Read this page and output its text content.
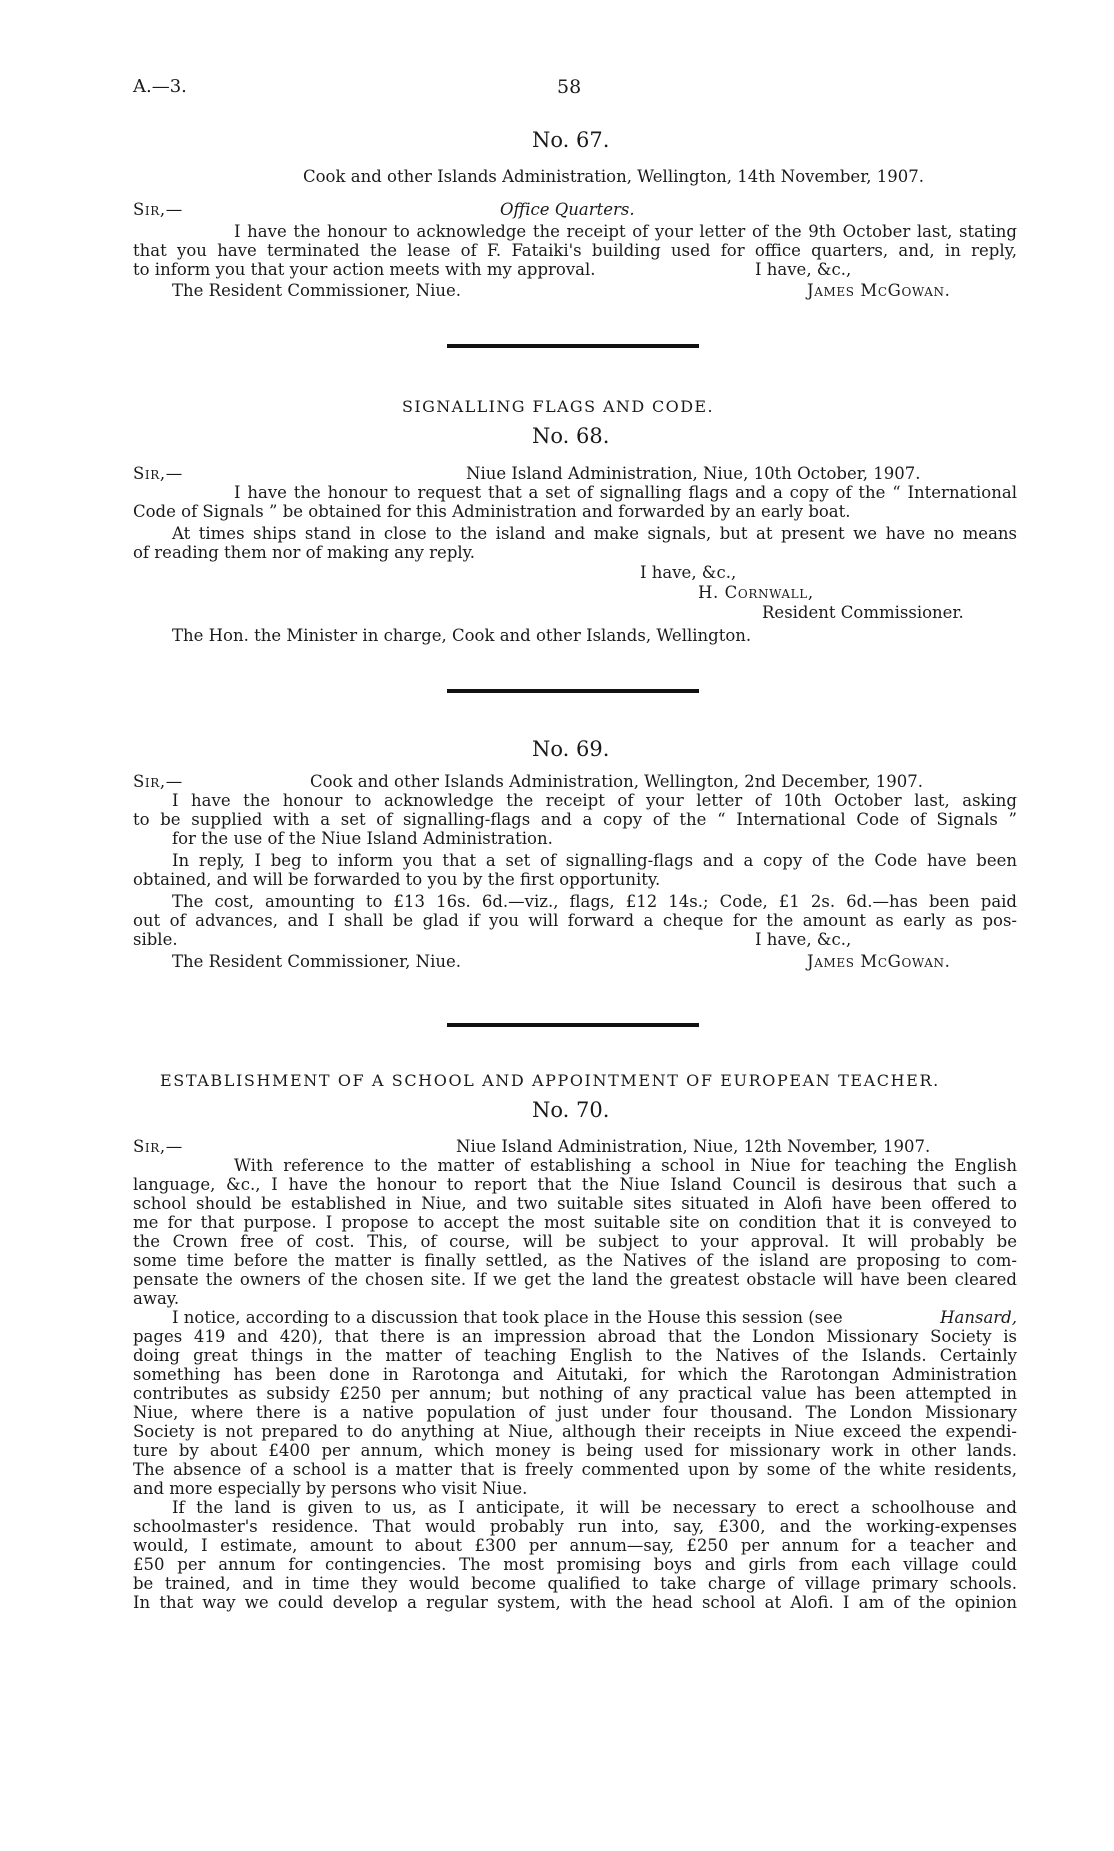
A.—3.	58
No. 67.
Cook and other Islands Administration, Wellington, 14th November, 1907.
Sir,—	Office Quarters.
I have the honour to acknowledge the receipt of your letter of the 9th October last, stating
that you have terminated the lease of F. Fataiki's building used for office quarters, and, in reply,
to inform you that your action meets with my approval.	I have, &c.,
The Resident Commissioner, Niue.	James McGowan.
SIGNALLING FLAGS AND CODE.
No. 68.
Sir,—	Niue Island Administration, Niue, 10th October, 1907.
I have the honour to request that a set of signalling flags and a copy of the “ International
Code of Signals ” be obtained for this Administration and forwarded by an early boat.
At times ships stand in close to the island and make signals, but at present we have no means
of reading them nor of making any reply.
I have, &c.,
H. Cornwall,
Resident Commissioner.
The Hon. the Minister in charge, Cook and other Islands, Wellington.
No. 69.
Sir,—	Cook and other Islands Administration, Wellington, 2nd December, 1907.
I have the honour to acknowledge the receipt of your letter of 10th October last, asking
to be supplied with a set of signalling-flags and a copy of the “ International Code of Signals ”
for the use of the Niue Island Administration.
In reply, I beg to inform you that a set of signalling-flags and a copy of the Code have been
obtained, and will be forwarded to you by the first opportunity.
The cost, amounting to £13 16s. 6d.—viz., flags, £12 14s.; Code, £1 2s. 6d.—has been paid
out of advances, and I shall be glad if you will forward a cheque for the amount as early as pos-
sible.	I have, &c.,
The Resident Commissioner, Niue.	James McGowan.
ESTABLISHMENT OF A SCHOOL AND APPOINTMENT OF EUROPEAN TEACHER.
No. 70.
Sir,—	Niue Island Administration, Niue, 12th November, 1907.
With reference to the matter of establishing a school in Niue for teaching the English
language, &c., I have the honour to report that the Niue Island Council is desirous that such a
school should be established in Niue, and two suitable sites situated in Alofi have been offered to
me for that purpose. I propose to accept the most suitable site on condition that it is conveyed to
the Crown free of cost. This, of course, will be subject to your approval. It will probably be
some time before the matter is finally settled, as the Natives of the island are proposing to com-
pensate the owners of the chosen site. If we get the land the greatest obstacle will have been cleared
away.
I notice, according to a discussion that took place in the House this session (see	Hansard,
pages 419 and 420), that there is an impression abroad that the London Missionary Society is
doing great things in the matter of teaching English to the Natives of the Islands. Certainly
something has been done in Rarotonga and Aitutaki, for which the Rarotongan Administration
contributes as subsidy £250 per annum; but nothing of any practical value has been attempted in
Niue, where there is a native population of just under four thousand. The London Missionary
Society is not prepared to do anything at Niue, although their receipts in Niue exceed the expendi-
ture by about £400 per annum, which money is being used for missionary work in other lands.
The absence of a school is a matter that is freely commented upon by some of the white residents,
and more especially by persons who visit Niue.
If the land is given to us, as I anticipate, it will be necessary to erect a schoolhouse and
schoolmaster's residence. That would probably run into, say, £300, and the working-expenses
would, I estimate, amount to about £300 per annum—say, £250 per annum for a teacher and
£50 per annum for contingencies. The most promising boys and girls from each village could
be trained, and in time they would become qualified to take charge of village primary schools.
In that way we could develop a regular system, with the head school at Alofi. I am of the opinion
